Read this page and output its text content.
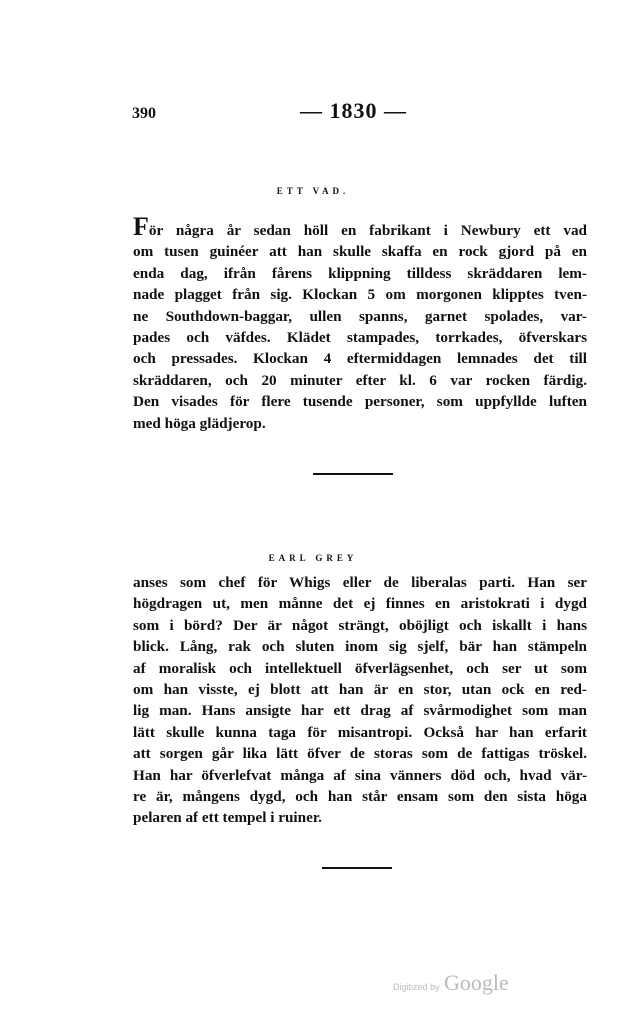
390	— 1830 —
ETT VAD.
För några år sedan höll en fabrikant i Newbury ett vad
om tusen guinéer att han skulle skaffa en rock gjord på en
enda dag, ifrån fårens klippning tilldess skräddaren lem-
nade plagget från sig. Klockan 5 om morgonen klipptes tven-
ne Southdown-baggar, ullen spanns, garnet spolades, var-
pades och väfdes. Klädet stampades, torrkades, öfverskars
och pressades. Klockan 4 eftermiddagen lemnades det till
skräddaren, och 20 minuter efter kl. 6 var rocken färdig.
Den visades för flere tusende personer, som uppfyllde luften
med höga glädjerop.
EARL GREY
anses som chef för Whigs eller de liberalas parti. Han ser
högdragen ut, men månne det ej finnes en aristokrati i dygd
som i börd? Der är något strängt, oböjligt och iskallt i hans
blick. Lång, rak och sluten inom sig sjelf, bär han stämpeln
af moralisk och intellektuell öfverlägsenhet, och ser ut som
om han visste, ej blott att han är en stor, utan ock en red-
lig man. Hans ansigte har ett drag af svårmodighet som man
lätt skulle kunna taga för misantropi. Också har han erfarit
att sorgen går lika lätt öfver de storas som de fattigas tröskel.
Han har öfverlefvat många af sina vänners död och, hvad vär-
re är, mångens dygd, och han står ensam som den sista höga
pelaren af ett tempel i ruiner.
Digitized by Google
